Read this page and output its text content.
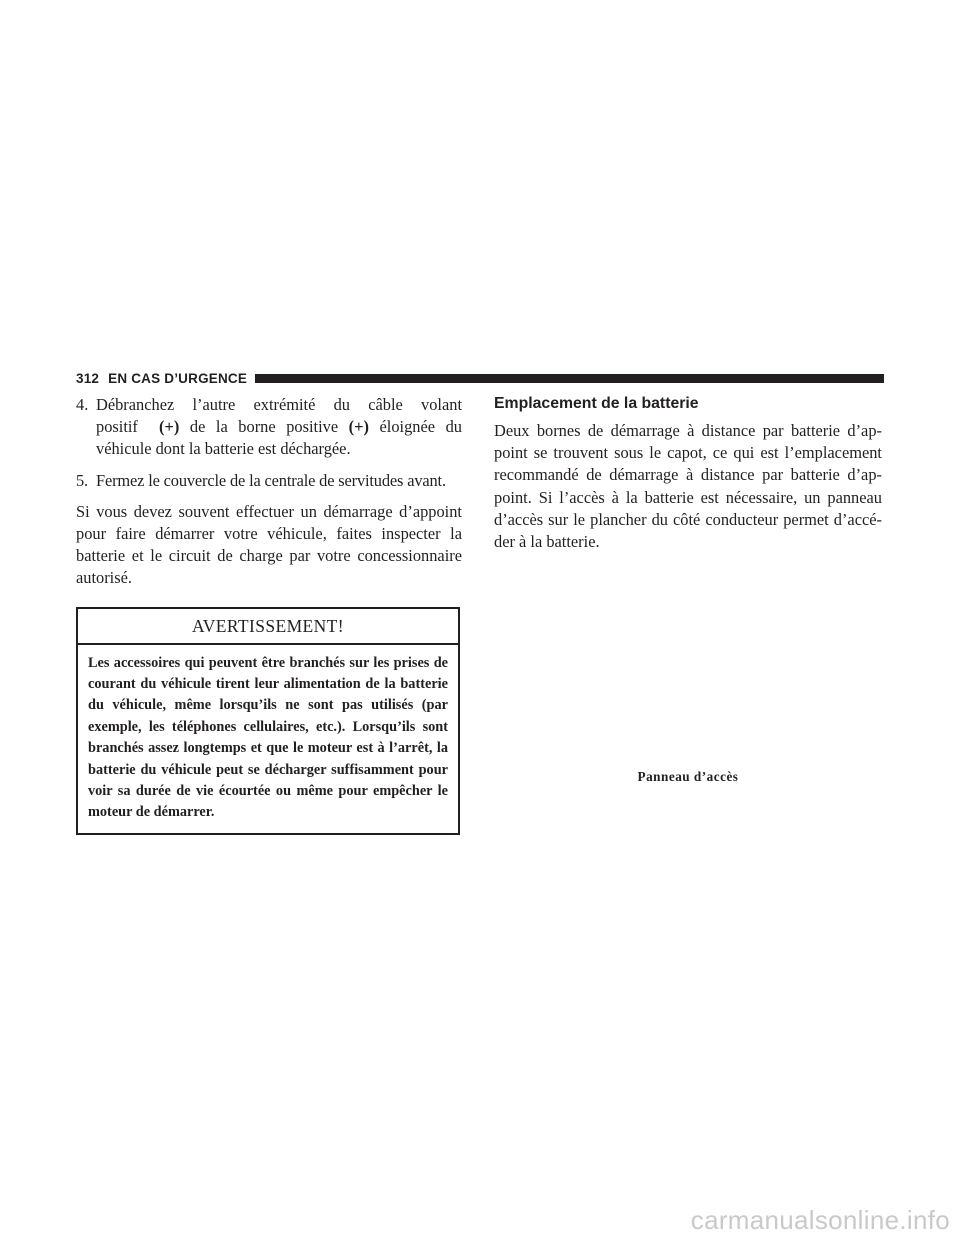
312 EN CAS D’URGENCE

4. Débranchez l’autre extrémité du câble volant positif (+) de la borne positive (+) éloignée du véhicule dont la batterie est déchargée.

5. Fermez le couvercle de la centrale de servitudes avant.

Si vous devez souvent effectuer un démarrage d’appoint pour faire démarrer votre véhicule, faites inspecter la batterie et le circuit de charge par votre concessionnaire autorisé.

AVERTISSEMENT!
Les accessoires qui peuvent être branchés sur les prises de courant du véhicule tirent leur alimentation de la batterie du véhicule, même lorsqu’ils ne sont pas utilisés (par exemple, les téléphones cellulaires, etc.). Lorsqu’ils sont branchés assez longtemps et que le moteur est à l’arrêt, la batterie du véhicule peut se décharger suffisamment pour voir sa durée de vie écourtée ou même pour empêcher le moteur de démarrer.
Emplacement de la batterie

Deux bornes de démarrage à distance par batterie d’appoint se trouvent sous le capot, ce qui est l’emplacement recommandé de démarrage à distance par batterie d’appoint. Si l’accès à la batterie est nécessaire, un panneau d’accès sur le plancher du côté conducteur permet d’accéder à la batterie.

Panneau d’accès
carmanualsonline.info
